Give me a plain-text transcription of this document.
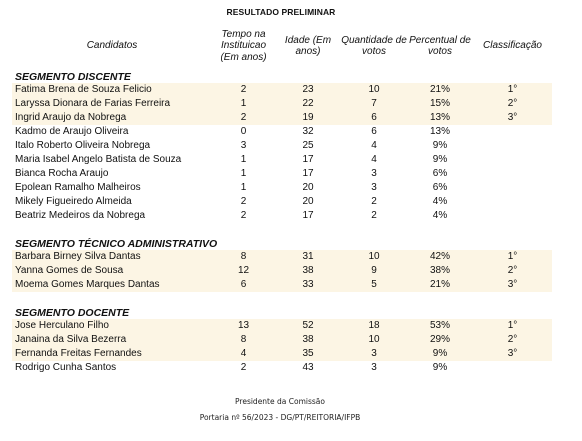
RESULTADO PRELIMINAR
Candidatos	Tempo na Instituicao (Em anos)	Idade (Em anos)	Quantidade de votos	Percentual de votos	Classificação
SEGMENTO DISCENTE					
Fatima Brena de Souza Felicio	2	23	10	21%	1°
Laryssa Dionara de Farias Ferreira	1	22	7	15%	2°
Ingrid Araujo da Nobrega	2	19	6	13%	3°
Kadmo de Araujo Oliveira	0	32	6	13%	
Italo Roberto Oliveira Nobrega	3	25	4	9%	
Maria Isabel Angelo Batista de Souza	1	17	4	9%	
Bianca Rocha Araujo	1	17	3	6%	
Epolean Ramalho Malheiros	1	20	3	6%	
Mikely Figueiredo Almeida	2	20	2	4%	
Beatriz Medeiros da Nobrega	2	17	2	4%	

SEGMENTO TÉCNICO ADMINISTRATIVO					
Barbara Birney Silva Dantas	8	31	10	42%	1°
Yanna Gomes de Sousa	12	38	9	38%	2°
Moema Gomes Marques Dantas	6	33	5	21%	3°

SEGMENTO DOCENTE					
Jose Herculano Filho	13	52	18	53%	1°
Janaina da Silva Bezerra	8	38	10	29%	2°
Fernanda Freitas Fernandes	4	35	3	9%	3°
Rodrigo Cunha Santos	2	43	3	9%	
Presidente da Comissão
Portaria nº 56/2023 - DG/PT/REITORIA/IFPB
